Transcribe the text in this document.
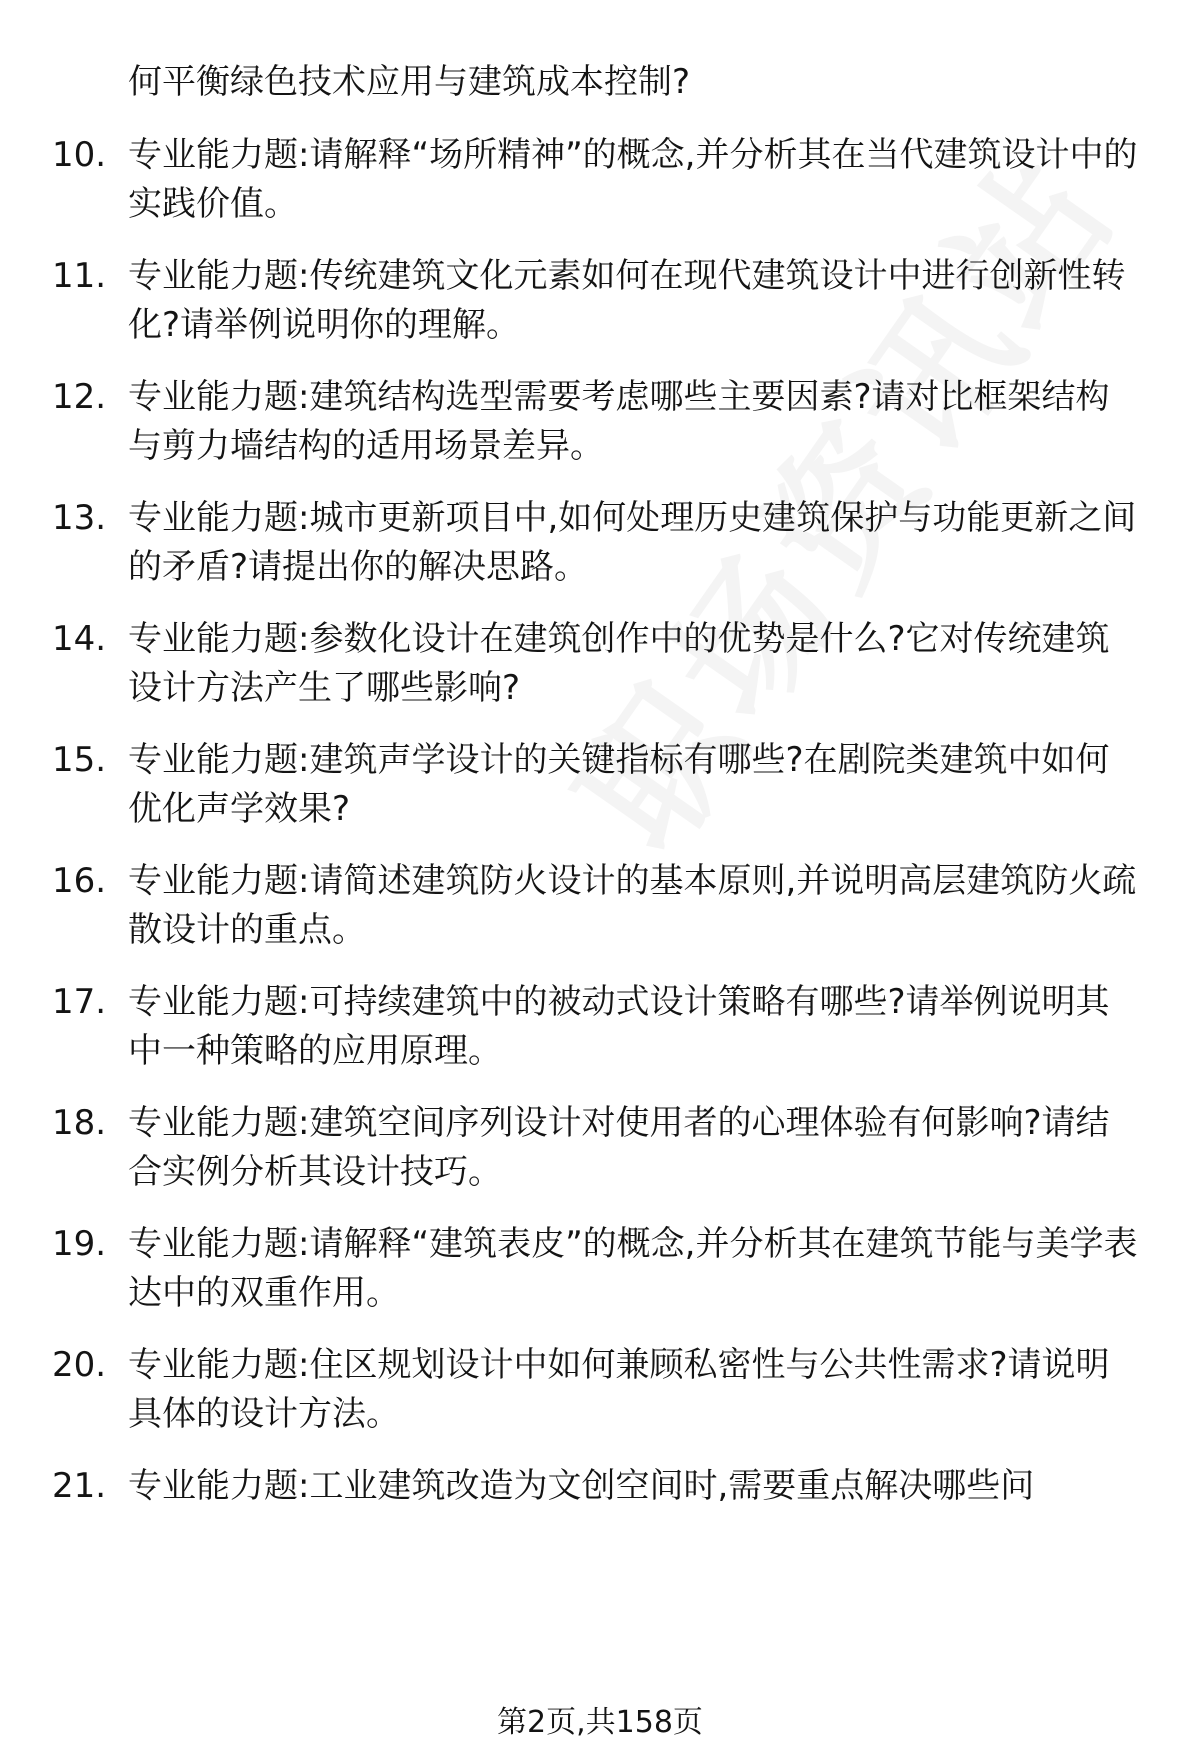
何平衡绿色技术应用与建筑成本控制?
10. 专业能力题:请解释“场所精神”的概念,并分析其在当代建筑设计中的实践价值。
11. 专业能力题:传统建筑文化元素如何在现代建筑设计中进行创新性转化?请举例说明你的理解。
12. 专业能力题:建筑结构选型需要考虑哪些主要因素?请对比框架结构与剪力墙结构的适用场景差异。
13. 专业能力题:城市更新项目中,如何处理历史建筑保护与功能更新之间的矛盾?请提出你的解决思路。
14. 专业能力题:参数化设计在建筑创作中的优势是什么?它对传统建筑设计方法产生了哪些影响?
15. 专业能力题:建筑声学设计的关键指标有哪些?在剧院类建筑中如何优化声学效果?
16. 专业能力题:请简述建筑防火设计的基本原则,并说明高层建筑防火疏散设计的重点。
17. 专业能力题:可持续建筑中的被动式设计策略有哪些?请举例说明其中一种策略的应用原理。
18. 专业能力题:建筑空间序列设计对使用者的心理体验有何影响?请结合实例分析其设计技巧。
19. 专业能力题:请解释“建筑表皮”的概念,并分析其在建筑节能与美学表达中的双重作用。
20. 专业能力题:住区规划设计中如何兼顾私密性与公共性需求?请说明具体的设计方法。
21. 专业能力题:工业建筑改造为文创空间时,需要重点解决哪些问
第2页,共158页
